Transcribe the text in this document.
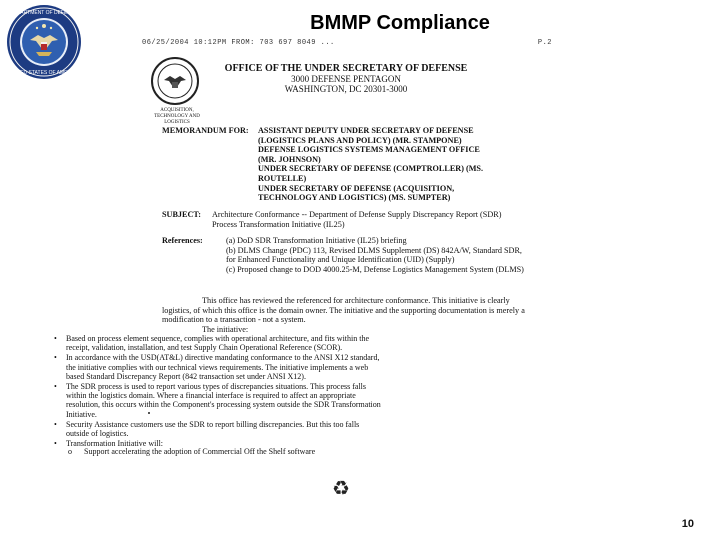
DEPARTMENT OF DEFENSE
UNITED STATES OF AMERICA
BMMP Compliance
06/25/2004 10:12PM FROM: 703 697 8049 ...	P.2
ACQUISITION, TECHNOLOGY AND LOGISTICS
OFFICE OF THE UNDER SECRETARY OF DEFENSE
3000 DEFENSE PENTAGON
WASHINGTON, DC 20301-3000
MEMORANDUM FOR:	ASSISTANT DEPUTY UNDER SECRETARY OF DEFENSE
(LOGISTICS PLANS AND POLICY) (MR. STAMPONE)
DEFENSE LOGISTICS SYSTEMS MANAGEMENT OFFICE
(MR. JOHNSON)
UNDER SECRETARY OF DEFENSE (COMPTROLLER) (MS.
ROUTELLE)
UNDER SECRETARY OF DEFENSE (ACQUISITION,
TECHNOLOGY AND LOGISTICS) (MS. SUMPTER)
SUBJECT:	Architecture Conformance -- Department of Defense Supply Discrepancy Report (SDR) Process Transformation Initiative (IL25)
References:	(a) DoD SDR Transformation Initiative (IL25) briefing
(b) DLMS Change (PDC) 113, Revised DLMS Supplement (DS) 842A/W, Standard SDR, for Enhanced Functionality and Unique Identification (UID) (Supply)
(c) Proposed change to DOD 4000.25-M, Defense Logistics Management System (DLMS)
This office has reviewed the referenced for architecture conformance. This initiative is clearly logistics, of which this office is the domain owner. The initiative and the supporting documentation is merely a modification to a transaction - not a system.
The initiative:
• Based on process element sequence, complies with operational architecture, and fits within the receipt, validation, installation, and test Supply Chain Operational Reference (SCOR).
• In accordance with the USD(AT&L) directive mandating conformance to the ANSI X12 standard, the initiative complies with our technical views requirements. The initiative implements a web based Standard Discrepancy Report (842 transaction set under ANSI X12).
• The SDR process is used to report various types of discrepancies situations. This process falls within the logistics domain. Where a financial interface is required to affect an appropriate resolution, this occurs within the Component's processing system outside the SDR Transformation Initiative.
• Security Assistance customers use the SDR to report billing discrepancies. But this too falls outside of logistics.
• Transformation Initiative will:
o Support accelerating the adoption of Commercial Off the Shelf software
♻
10
